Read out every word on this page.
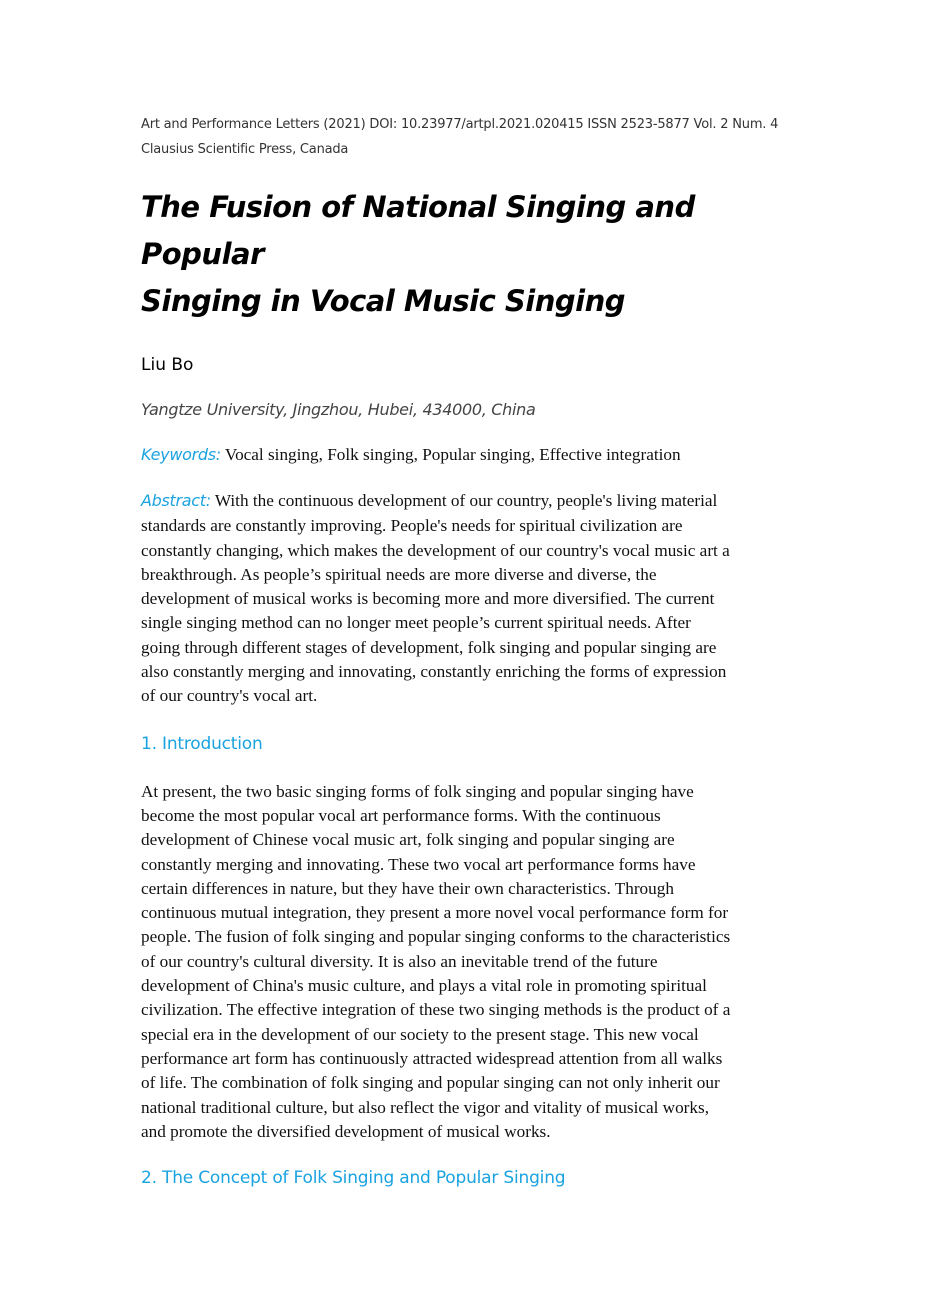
Art and Performance Letters (2021) DOI: 10.23977/artpl.2021.020415 ISSN 2523-5877 Vol. 2 Num. 4
Clausius Scientific Press, Canada
The Fusion of National Singing and Popular
Singing in Vocal Music Singing
Liu Bo
Yangtze University, Jingzhou, Hubei, 434000, China
Keywords: Vocal singing, Folk singing, Popular singing, Effective integration
Abstract: With the continuous development of our country, people's living material
standards are constantly improving. People's needs for spiritual civilization are
constantly changing, which makes the development of our country's vocal music art a
breakthrough. As people’s spiritual needs are more diverse and diverse, the
development of musical works is becoming more and more diversified. The current
single singing method can no longer meet people’s current spiritual needs. After
going through different stages of development, folk singing and popular singing are
also constantly merging and innovating, constantly enriching the forms of expression
of our country's vocal art.
1. Introduction
At present, the two basic singing forms of folk singing and popular singing have
become the most popular vocal art performance forms. With the continuous
development of Chinese vocal music art, folk singing and popular singing are
constantly merging and innovating. These two vocal art performance forms have
certain differences in nature, but they have their own characteristics. Through
continuous mutual integration, they present a more novel vocal performance form for
people. The fusion of folk singing and popular singing conforms to the characteristics
of our country's cultural diversity. It is also an inevitable trend of the future
development of China's music culture, and plays a vital role in promoting spiritual
civilization. The effective integration of these two singing methods is the product of a
special era in the development of our society to the present stage. This new vocal
performance art form has continuously attracted widespread attention from all walks
of life. The combination of folk singing and popular singing can not only inherit our
national traditional culture, but also reflect the vigor and vitality of musical works,
and promote the diversified development of musical works.
2. The Concept of Folk Singing and Popular Singing
